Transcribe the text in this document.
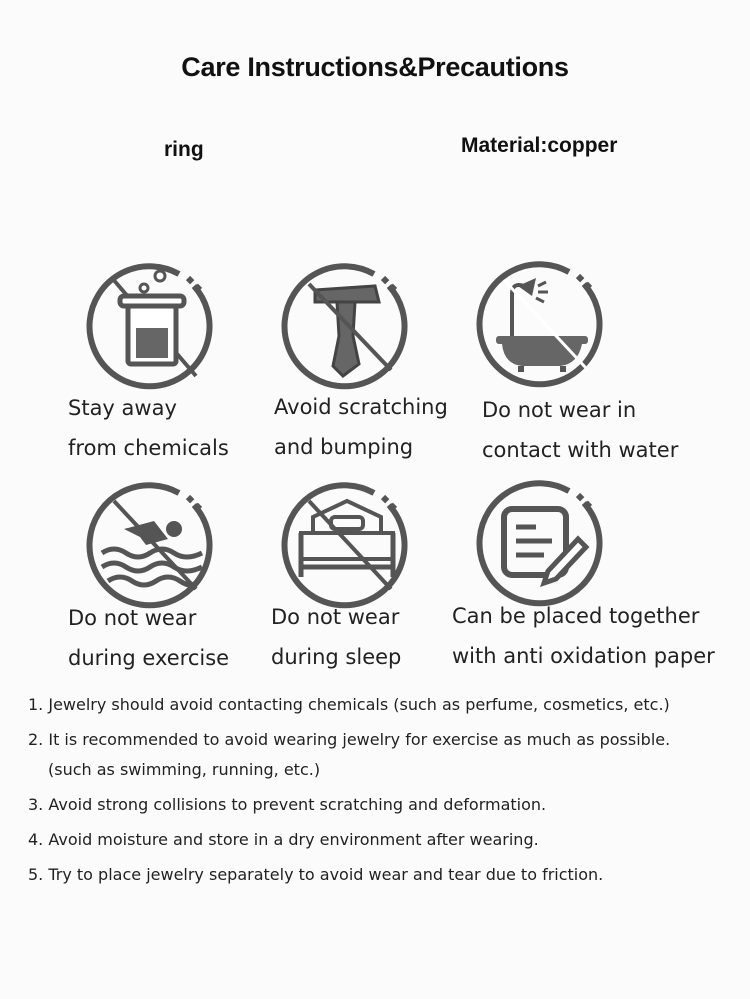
Care Instructions&Precautions
ring	Material:copper
Stay away
from chemicals
Avoid scratching
and bumping
Do not wear in
contact with water
Do not wear
during exercise
Do not wear
during sleep
Can be placed together
with anti oxidation paper
1. Jewelry should avoid contacting chemicals (such as perfume, cosmetics, etc.)
2. It is recommended to avoid wearing jewelry for exercise as much as possible.
(such as swimming, running, etc.)
3. Avoid strong collisions to prevent scratching and deformation.
4. Avoid moisture and store in a dry environment after wearing.
5. Try to place jewelry separately to avoid wear and tear due to friction.
